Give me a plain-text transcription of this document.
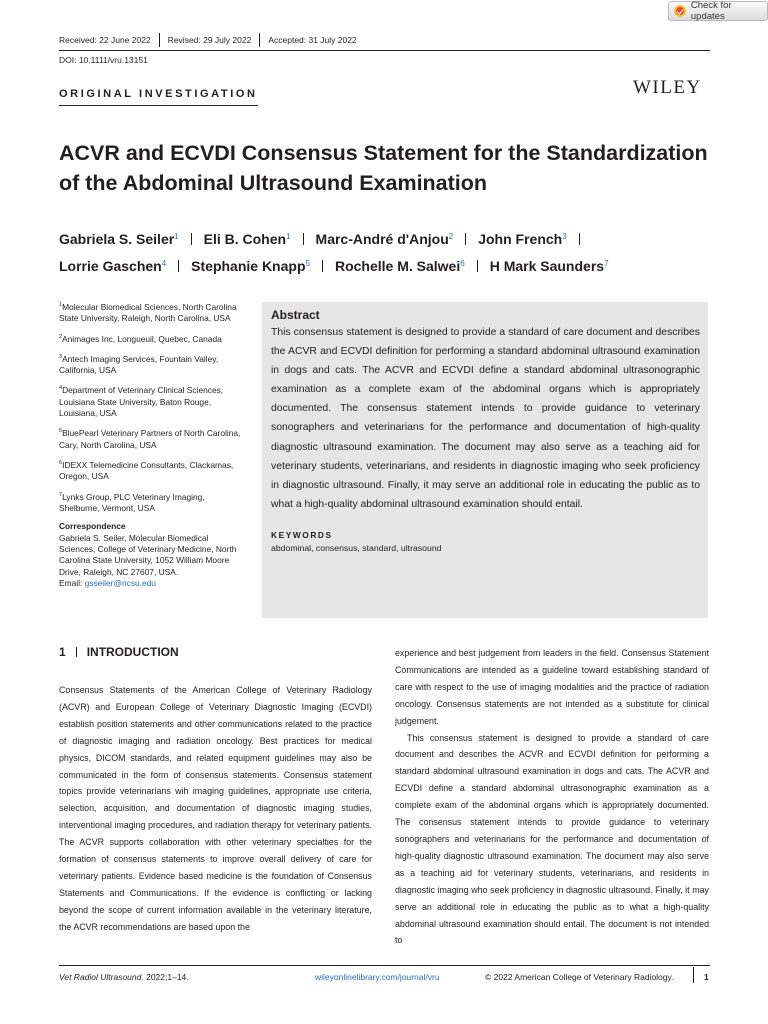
Check for updates
Received: 22 June 2022 Revised: 29 July 2022 Accepted: 31 July 2022
DOI: 10.1111/vru.13151
ORIGINAL INVESTIGATION	WILEY
ACVR and ECVDI Consensus Statement for the Standardization of the Abdominal Ultrasound Examination
Gabriela S. Seiler$^1$ Eli B. Cohen$^1$ Marc-André d'Anjou$^2$ John French$^3$
Lorrie Gaschen$^4$ Stephanie Knapp$^5$ Rochelle M. Salwei$^6$ H Mark Saunders$^7$

$^1$Molecular Biomedical Sciences, North Carolina State University, Raleigh, North Carolina, USA

$^2$Animages Inc, Longueuil, Quebec, Canada

$^3$Antech Imaging Services, Fountain Valley, California, USA

$^4$Department of Veterinary Clinical Sciences, Louisiana State University, Baton Rouge, Louisiana, USA

$^5$BluePearl Veterinary Partners of North Carolina, Cary, North Carolina, USA

$^6$IDEXX Telemedicine Consultants, Clackamas, Oregon, USA

$^7$Lynks Group, PLC Veterinary Imaging, Shelburne, Vermont, USA

Correspondence

Gabriela S. Seiler, Molecular Biomedical Sciences, College of Veterinary Medicine, North Carolina State University, 1052 William Moore Drive, Raleigh, NC 27607, USA.
Email: gsseiler@ncsu.edu

Abstract
This consensus statement is designed to provide a standard of care document and describes the ACVR and ECVDI definition for performing a standard abdominal ultrasound examination in dogs and cats. The ACVR and ECVDI define a standard abdominal ultrasonographic examination as a complete exam of the abdominal organs which is appropriately documented. The consensus statement intends to provide guidance to veterinary sonographers and veterinarians for the performance and documentation of high-quality diagnostic ultrasound examination. The document may also serve as a teaching aid for veterinary students, veterinarians, and residents in diagnostic imaging who seek proficiency in diagnostic ultrasound. Finally, it may serve an additional role in educating the public as to what a high-quality abdominal ultrasound examination should entail.
KEYWORDS
abdominal, consensus, standard, ultrasound
1 INTRODUCTION

Consensus Statements of the American College of Veterinary Radiology (ACVR) and European College of Veterinary Diagnostic Imaging (ECVDI) establish position statements and other communications related to the practice of diagnostic imaging and radiation oncology. Best practices for medical physics, DICOM standards, and related equipment guidelines may also be communicated in the form of consensus statements. Consensus statement topics provide veterinarians wih imaging guidelines, appropriate use criteria, selection, acquisition, and documentation of diagnostic imaging studies, interventional imaging procedures, and radiation therapy for veterinary patients. The ACVR supports collaboration with other veterinary specialties for the formation of consensus statements to improve overall delivery of care for veterinary patients. Evidence based medicine is the foundation of Consensus Statements and Communications. If the evidence is conflicting or lacking beyond the scope of current information available in the veterinary literature, the ACVR recommendations are based upon the

experience and best judgement from leaders in the field. Consensus Statement Communications are intended as a guideline toward establishing standard of care with respect to the use of imaging modalities and the practice of radiation oncology. Consensus statements are not intended as a substitute for clinical judgement.

This consensus statement is designed to provide a standard of care document and describes the ACVR and ECVDI definition for performing a standard abdominal ultrasound examination in dogs and cats. The ACVR and ECVDI define a standard abdominal ultrasonographic examination as a complete exam of the abdominal organs which is appropriately documented. The consensus statement intends to provide guidance to veterinary sonographers and veterinarians for the performance and documentation of high-quality diagnostic ultrasound examination. The document may also serve as a teaching aid for veterinary students, veterinarians, and residents in diagnostic imaging who seek proficiency in diagnostic ultrasound. Finally, it may serve an additional role in educating the public as to what a high-quality abdominal ultrasound examination should entail. The document is not intended to

Vet Radiol Ultrasound. 2022;1–14.	wileyonlinelibrary.com/journal/vru	© 2022 American College of Veterinary Radiology.	1
